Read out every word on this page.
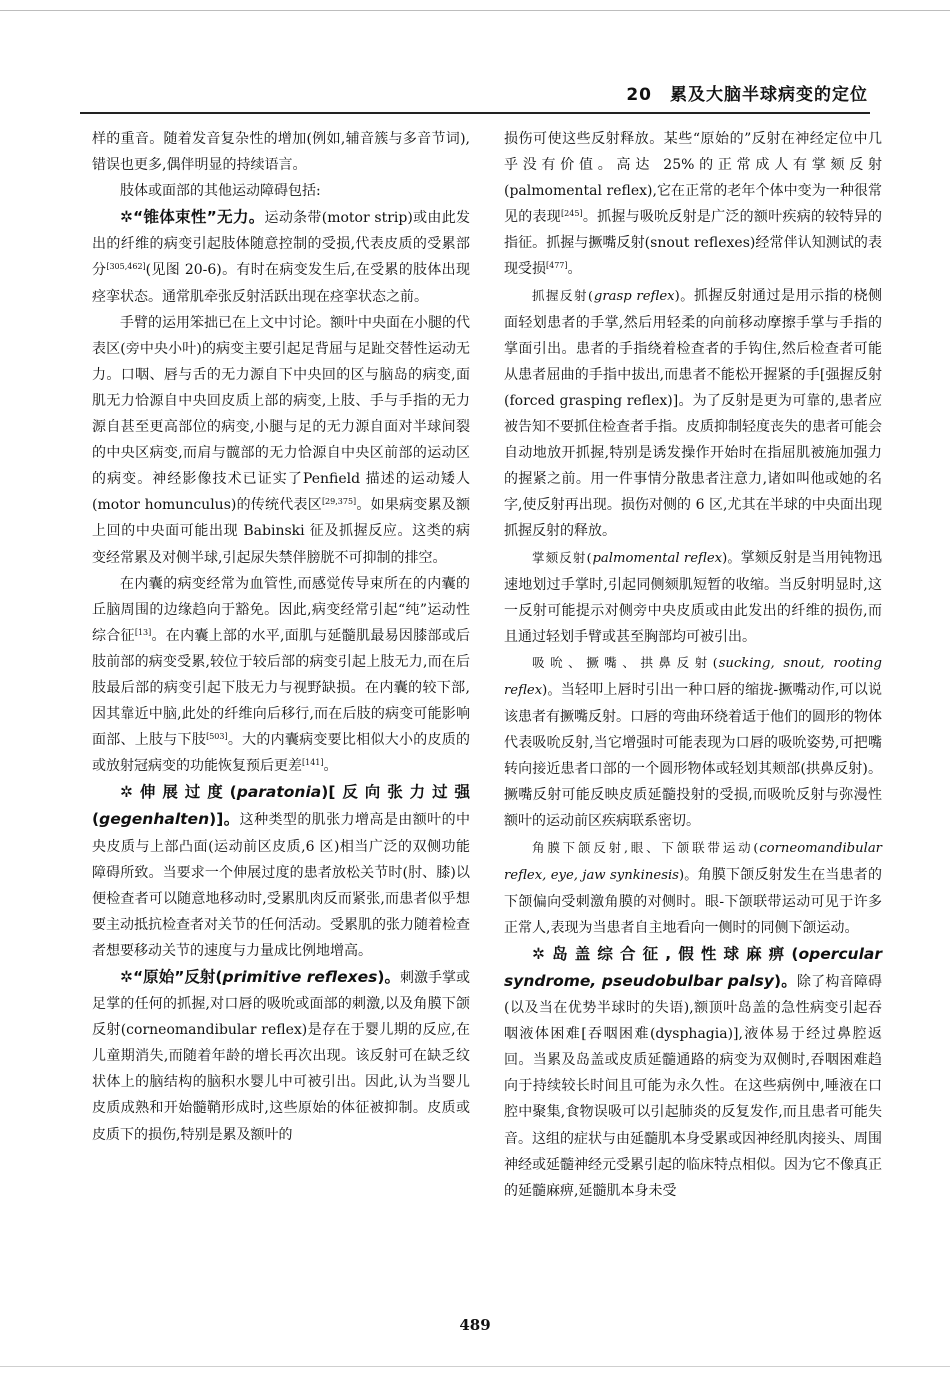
20　累及大脑半球病变的定位

样的重音。随着发音复杂性的增加(例如,辅音簇与多音节词),错误也更多,偶伴明显的持续语言。

肢体或面部的其他运动障碍包括:

✲“锥体束性”无力。运动条带(motor strip)或由此发出的纤维的病变引起肢体随意控制的受损,代表皮质的受累部分[305,462](见图 20-6)。有时在病变发生后,在受累的肢体出现痉挛状态。通常肌牵张反射活跃出现在痉挛状态之前。

手臂的运用笨拙已在上文中讨论。额叶中央面在小腿的代表区(旁中央小叶)的病变主要引起足背屈与足趾交替性运动无力。口咽、唇与舌的无力源自下中央回的区与脑岛的病变,面肌无力恰源自中央回皮质上部的病变,上肢、手与手指的无力源自甚至更高部位的病变,小腿与足的无力源自面对半球间裂的中央区病变,而肩与髋部的无力恰源自中央区前部的运动区的病变。神经影像技术已证实了Penfield 描述的运动矮人(motor homunculus)的传统代表区[29,375]。如果病变累及额上回的中央面可能出现 Babinski 征及抓握反应。这类的病变经常累及对侧半球,引起尿失禁伴膀胱不可抑制的排空。

在内囊的病变经常为血管性,而感觉传导束所在的内囊的丘脑周围的边缘趋向于豁免。因此,病变经常引起“纯”运动性综合征[13]。在内囊上部的水平,面肌与延髓肌最易因膝部或后肢前部的病变受累,较位于较后部的病变引起上肢无力,而在后肢最后部的病变引起下肢无力与视野缺损。在内囊的较下部,因其靠近中脑,此处的纤维向后移行,而在后肢的病变可能影响面部、上肢与下肢[503]。大的内囊病变要比相似大小的皮质的或放射冠病变的功能恢复预后更差[141]。

✲伸展过度(paratonia)[反向张力过强(gegenhalten)]。这种类型的肌张力增高是由额叶的中央皮质与上部凸面(运动前区皮质,6 区)相当广泛的双侧功能障碍所致。当要求一个伸展过度的患者放松关节时(肘、膝)以便检查者可以随意地移动时,受累肌肉反而紧张,而患者似乎想要主动抵抗检查者对关节的任何活动。受累肌的张力随着检查者想要移动关节的速度与力量成比例地增高。

✲“原始”反射(primitive reflexes)。刺激手掌或足掌的任何的抓握,对口唇的吸吮或面部的刺激,以及角膜下颌反射(corneomandibular reflex)是存在于婴儿期的反应,在儿童期消失,而随着年龄的增长再次出现。该反射可在缺乏纹状体上的脑结构的脑积水婴儿中可被引出。因此,认为当婴儿皮质成熟和开始髓鞘形成时,这些原始的体征被抑制。皮质或皮质下的损伤,特别是累及额叶的

损伤可使这些反射释放。某些“原始的”反射在神经定位中几乎没有价值。高达 25%的正常成人有掌颏反射(palmomental reflex),它在正常的老年个体中变为一种很常见的表现[245]。抓握与吸吮反射是广泛的额叶疾病的较特异的指征。抓握与撅嘴反射(snout reflexes)经常伴认知测试的表现受损[477]。

抓握反射(grasp reflex)。抓握反射通过是用示指的桡侧面轻划患者的手掌,然后用轻柔的向前移动摩擦手掌与手指的掌面引出。患者的手指绕着检查者的手钩住,然后检查者可能从患者屈曲的手指中拔出,而患者不能松开握紧的手[强握反射(forced grasping reflex)]。为了反射是更为可靠的,患者应被告知不要抓住检查者手指。皮质抑制轻度丧失的患者可能会自动地放开抓握,特别是诱发操作开始时在指屈肌被施加强力的握紧之前。用一件事情分散患者注意力,诸如叫他或她的名字,使反射再出现。损伤对侧的 6 区,尤其在半球的中央面出现抓握反射的释放。

掌颏反射(palmomental reflex)。掌颏反射是当用钝物迅速地划过手掌时,引起同侧颏肌短暂的收缩。当反射明显时,这一反射可能提示对侧旁中央皮质或由此发出的纤维的损伤,而且通过轻划手臂或甚至胸部均可被引出。

吸吮、撅嘴、拱鼻反射(sucking, snout, rooting reflex)。当轻叩上唇时引出一种口唇的缩拢-撅嘴动作,可以说该患者有撅嘴反射。口唇的弯曲环绕着适于他们的圆形的物体代表吸吮反射,当它增强时可能表现为口唇的吸吮姿势,可把嘴转向接近患者口部的一个圆形物体或轻划其颊部(拱鼻反射)。撅嘴反射可能反映皮质延髓投射的受损,而吸吮反射与弥漫性额叶的运动前区疾病联系密切。

角膜下颌反射,眼、下颌联带运动(corneomandibular reflex, eye, jaw synkinesis)。角膜下颌反射发生在当患者的下颌偏向受刺激角膜的对侧时。眼-下颌联带运动可见于许多正常人,表现为当患者自主地看向一侧时的同侧下颌运动。

✲岛盖综合征,假性球麻痹(opercular syndrome, pseudobulbar palsy)。除了构音障碍(以及当在优势半球时的失语),额顶叶岛盖的急性病变引起吞咽液体困难[吞咽困难(dysphagia)],液体易于经过鼻腔返回。当累及岛盖或皮质延髓通路的病变为双侧时,吞咽困难趋向于持续较长时间且可能为永久性。在这些病例中,唾液在口腔中聚集,食物误吸可以引起肺炎的反复发作,而且患者可能失音。这组的症状与由延髓肌本身受累或因神经肌肉接头、周围神经或延髓神经元受累引起的临床特点相似。因为它不像真正的延髓麻痹,延髓肌本身未受

489
